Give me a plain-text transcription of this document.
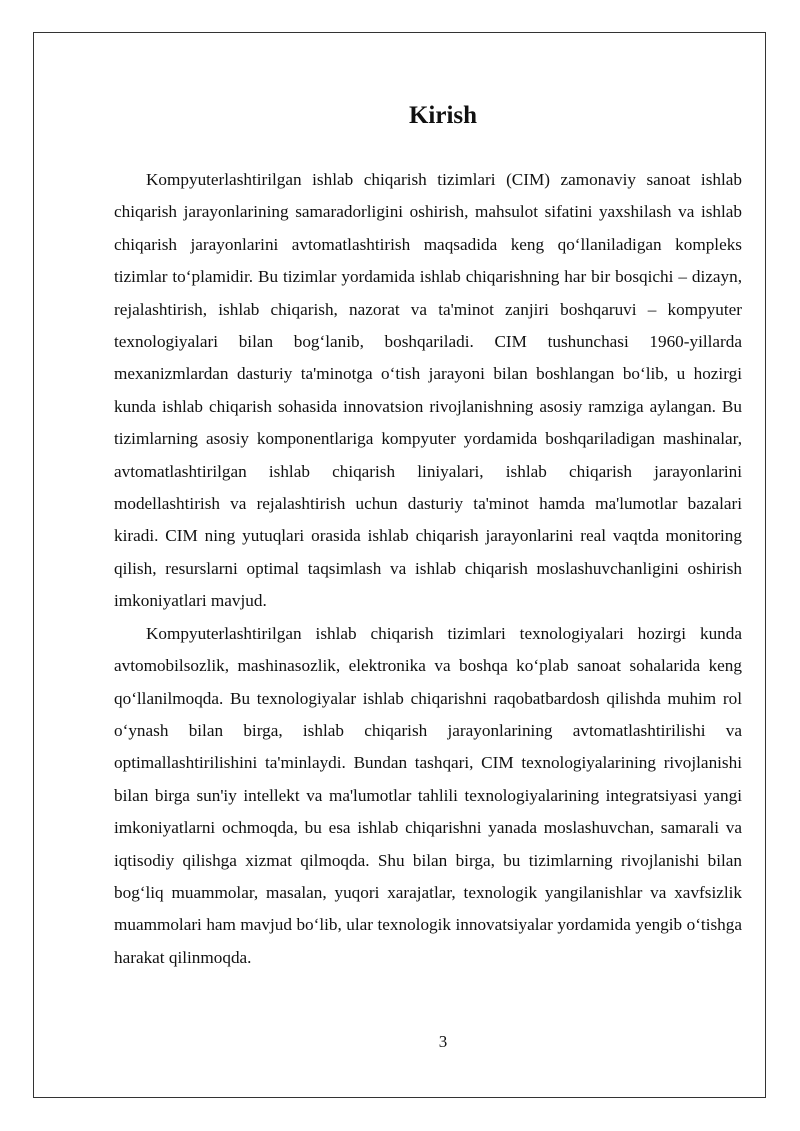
Kirish

Kompyuterlashtirilgan ishlab chiqarish tizimlari (CIM) zamonaviy sanoat ishlab chiqarish jarayonlarining samaradorligini oshirish, mahsulot sifatini yaxshilash va ishlab chiqarish jarayonlarini avtomatlashtirish maqsadida keng qo‘llaniladigan kompleks tizimlar to‘plamidir. Bu tizimlar yordamida ishlab chiqarishning har bir bosqichi – dizayn, rejalashtirish, ishlab chiqarish, nazorat va ta'minot zanjiri boshqaruvi – kompyuter texnologiyalari bilan bog‘lanib, boshqariladi. CIM tushunchasi 1960-yillarda mexanizmlardan dasturiy ta'minotga o‘tish jarayoni bilan boshlangan bo‘lib, u hozirgi kunda ishlab chiqarish sohasida innovatsion rivojlanishning asosiy ramziga aylangan. Bu tizimlarning asosiy komponentlariga kompyuter yordamida boshqariladigan mashinalar, avtomatlashtirilgan ishlab chiqarish liniyalari, ishlab chiqarish jarayonlarini modellashtirish va rejalashtirish uchun dasturiy ta'minot hamda ma'lumotlar bazalari kiradi. CIM ning yutuqlari orasida ishlab chiqarish jarayonlarini real vaqtda monitoring qilish, resurslarni optimal taqsimlash va ishlab chiqarish moslashuvchanligini oshirish imkoniyatlari mavjud.

Kompyuterlashtirilgan ishlab chiqarish tizimlari texnologiyalari hozirgi kunda avtomobilsozlik, mashinasozlik, elektronika va boshqa ko‘plab sanoat sohalarida keng qo‘llanilmoqda. Bu texnologiyalar ishlab chiqarishni raqobatbardosh qilishda muhim rol o‘ynash bilan birga, ishlab chiqarish jarayonlarining avtomatlashtirilishi va optimallashtirilishini ta'minlaydi. Bundan tashqari, CIM texnologiyalarining rivojlanishi bilan birga sun'iy intellekt va ma'lumotlar tahlili texnologiyalarining integratsiyasi yangi imkoniyatlarni ochmoqda, bu esa ishlab chiqarishni yanada moslashuvchan, samarali va iqtisodiy qilishga xizmat qilmoqda. Shu bilan birga, bu tizimlarning rivojlanishi bilan bog‘liq muammolar, masalan, yuqori xarajatlar, texnologik yangilanishlar va xavfsizlik muammolari ham mavjud bo‘lib, ular texnologik innovatsiyalar yordamida yengib o‘tishga harakat qilinmoqda.

3
